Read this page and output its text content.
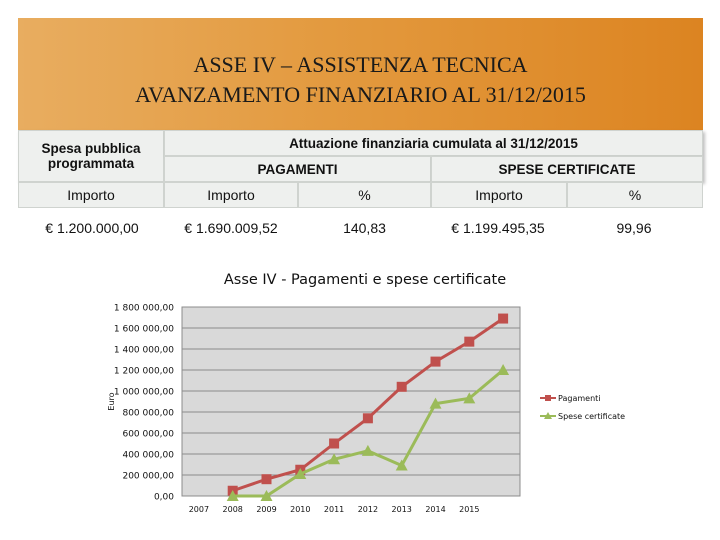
ASSE IV – ASSISTENZA TECNICA
AVANZAMENTO FINANZIARIO AL 31/12/2015
Spesa pubblica programmata
Attuazione finanziaria cumulata al 31/12/2015
PAGAMENTI	SPESE CERTIFICATE
Importo	Importo	%	Importo	%
€ 1.200.000,00	€ 1.690.009,52	140,83	€ 1.199.495,35	99,96
Asse IV - Pagamenti e spese certificate
0,00
200 000,00
400 000,00
600 000,00
800 000,00
1 000 000,00
1 200 000,00
1 400 000,00
1 600 000,00
1 800 000,00
Euro
2007 2008 2009 2010 2011 2012 2013 2014 2015
Pagamenti
Spese certificate
